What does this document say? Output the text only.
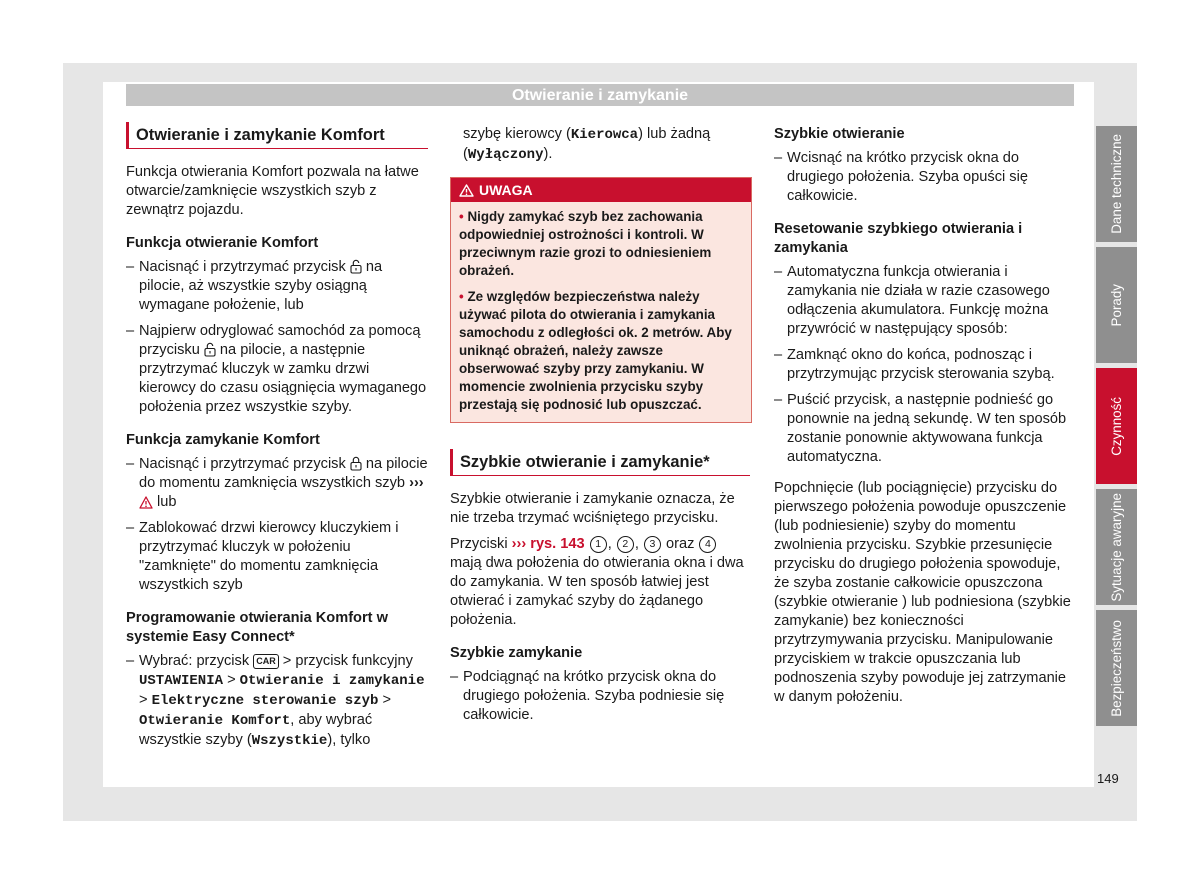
Otwieranie i zamykanie
Otwieranie i zamykanie Komfort

Funkcja otwierania Komfort pozwala na łatwe otwarcie/zamknięcie wszystkich szyb z zewnątrz pojazdu.

Funkcja otwieranie Komfort
– Nacisnąć i przytrzymać przycisk  na pilocie, aż wszystkie szyby osiągną wymagane położenie, lub
– Najpierw odryglować samochód za pomocą przycisku  na pilocie, a następnie przytrzymać kluczyk w zamku drzwi kierowcy do czasu osiągnięcia wymaganego położenia przez wszystkie szyby.
Funkcja zamykanie Komfort
– Nacisnąć i przytrzymać przycisk  na pilocie do momentu zamknięcia wszystkich szyb ›››  lub
– Zablokować drzwi kierowcy kluczykiem i przytrzymać kluczyk w położeniu "zamknięte" do momentu zamknięcia wszystkich szyb
Programowanie otwierania Komfort w systemie Easy Connect*
– Wybrać: przycisk CAR > przycisk funkcyjny USTAWIENIA > Otwieranie i zamykanie > Elektryczne sterowanie szyb > Otwieranie Komfort, aby wybrać wszystkie szyby (Wszystkie), tylko

szybę kierowcy (Kierowca) lub żadną (Wyłączony).

UWAGA

• Nigdy zamykać szyb bez zachowania odpowiedniej ostrożności i kontroli. W przeciwnym razie grozi to odniesieniem obrażeń.

• Ze względów bezpieczeństwa należy używać pilota do otwierania i zamykania samochodu z odległości ok. 2 metrów. Aby uniknąć obrażeń, należy zawsze obserwować szyby przy zamykaniu. W momencie zwolnienia przycisku szyby przestają się podnosić lub opuszczać.

Szybkie otwieranie i zamykanie*

Szybkie otwieranie i zamykanie oznacza, że nie trzeba trzymać wciśniętego przycisku.

Przyciski ››› rys. 143 1 , 2 , 3 oraz 4 mają dwa położenia do otwierania okna i dwa do zamykania. W ten sposób łatwiej jest otwierać i zamykać szyby do żądanego położenia.

Szybkie zamykanie
– Podciągnąć na krótko przycisk okna do drugiego położenia. Szyba podniesie się całkowicie.
Szybkie otwieranie
– Wcisnąć na krótko przycisk okna do drugiego położenia. Szyba opuści się całkowicie.
Resetowanie szybkiego otwierania i zamykania
– Automatyczna funkcja otwierania i zamykania nie działa w razie czasowego odłączenia akumulatora. Funkcję można przywrócić w następujący sposób:
– Zamknąć okno do końca, podnosząc i przytrzymując przycisk sterowania szybą.
– Puścić przycisk, a następnie podnieść go ponownie na jedną sekundę. W ten sposób zostanie ponownie aktywowana funkcja automatyczna.

Popchnięcie (lub pociągnięcie) przycisku do pierwszego położenia powoduje opuszczenie (lub podniesienie) szyby do momentu zwolnienia przycisku. Szybkie przesunięcie przycisku do drugiego położenia spowoduje, że szyba zostanie całkowicie opuszczona (szybkie otwieranie ) lub podniesiona (szybkie zamykanie) bez konieczności przytrzymywania przycisku. Manipulowanie przyciskiem w trakcie opuszczania lub podnoszenia szyby powoduje jej zatrzymanie w danym położeniu.

Dane techniczne
Porady
Czynność
Sytuacje awaryjne
Bezpieczeństwo
149
